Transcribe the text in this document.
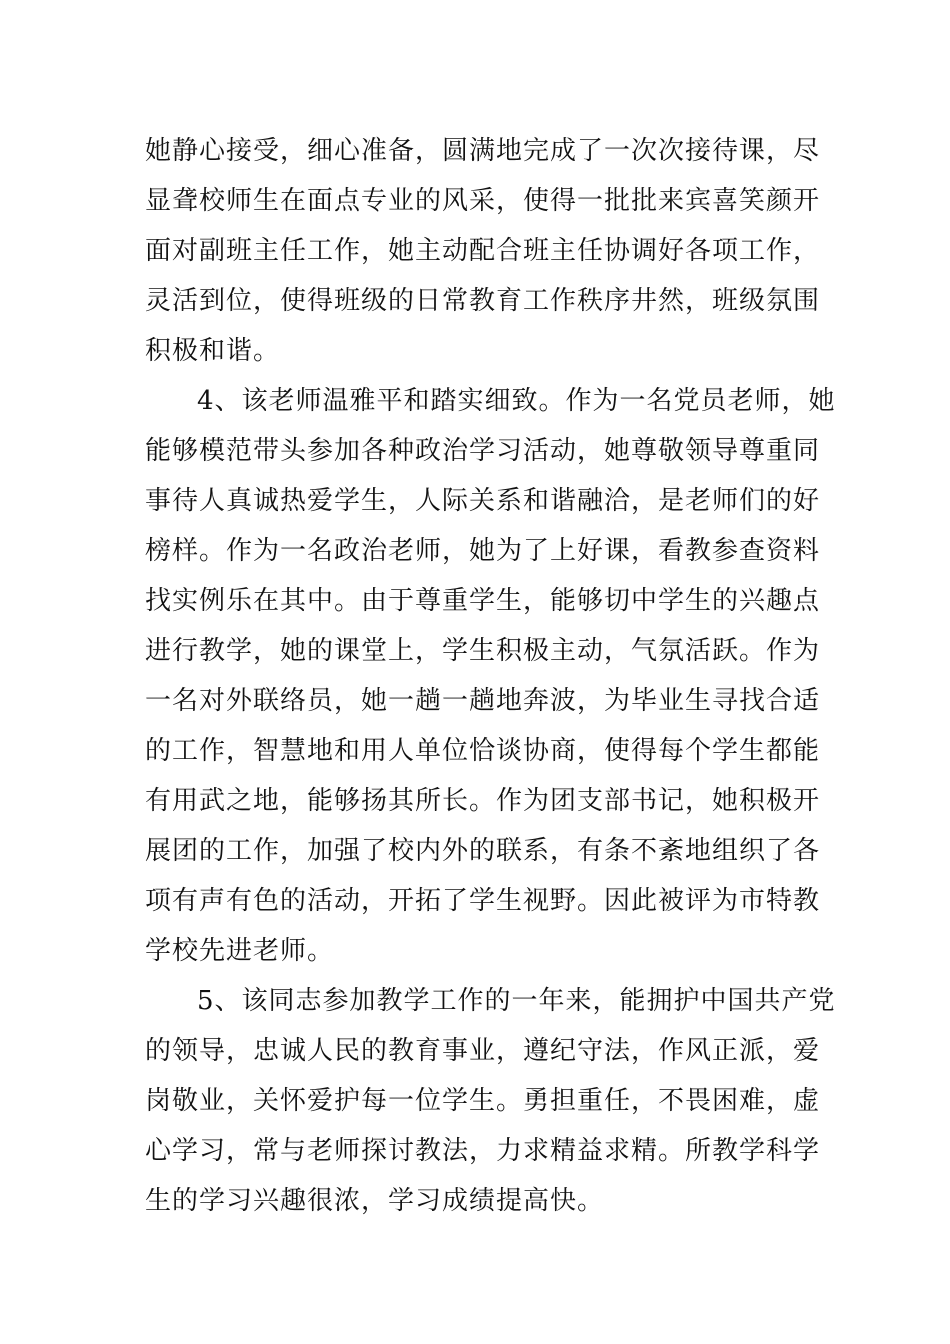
她静心接受，细心准备，圆满地完成了一次次接待课，尽
显聋校师生在面点专业的风采，使得一批批来宾喜笑颜开
面对副班主任工作，她主动配合班主任协调好各项工作，
灵活到位，使得班级的日常教育工作秩序井然，班级氛围
积极和谐。
4、该老师温雅平和踏实细致。作为一名党员老师，她
能够模范带头参加各种政治学习活动，她尊敬领导尊重同
事待人真诚热爱学生，人际关系和谐融洽，是老师们的好
榜样。作为一名政治老师，她为了上好课，看教参查资料
找实例乐在其中。由于尊重学生，能够切中学生的兴趣点
进行教学，她的课堂上，学生积极主动，气氛活跃。作为
一名对外联络员，她一趟一趟地奔波，为毕业生寻找合适
的工作，智慧地和用人单位恰谈协商，使得每个学生都能
有用武之地，能够扬其所长。作为团支部书记，她积极开
展团的工作，加强了校内外的联系，有条不紊地组织了各
项有声有色的活动，开拓了学生视野。因此被评为市特教
学校先进老师。
5、该同志参加教学工作的一年来，能拥护中国共产党
的领导，忠诚人民的教育事业，遵纪守法，作风正派，爱
岗敬业，关怀爱护每一位学生。勇担重任，不畏困难，虚
心学习，常与老师探讨教法，力求精益求精。所教学科学
生的学习兴趣很浓，学习成绩提高快。
